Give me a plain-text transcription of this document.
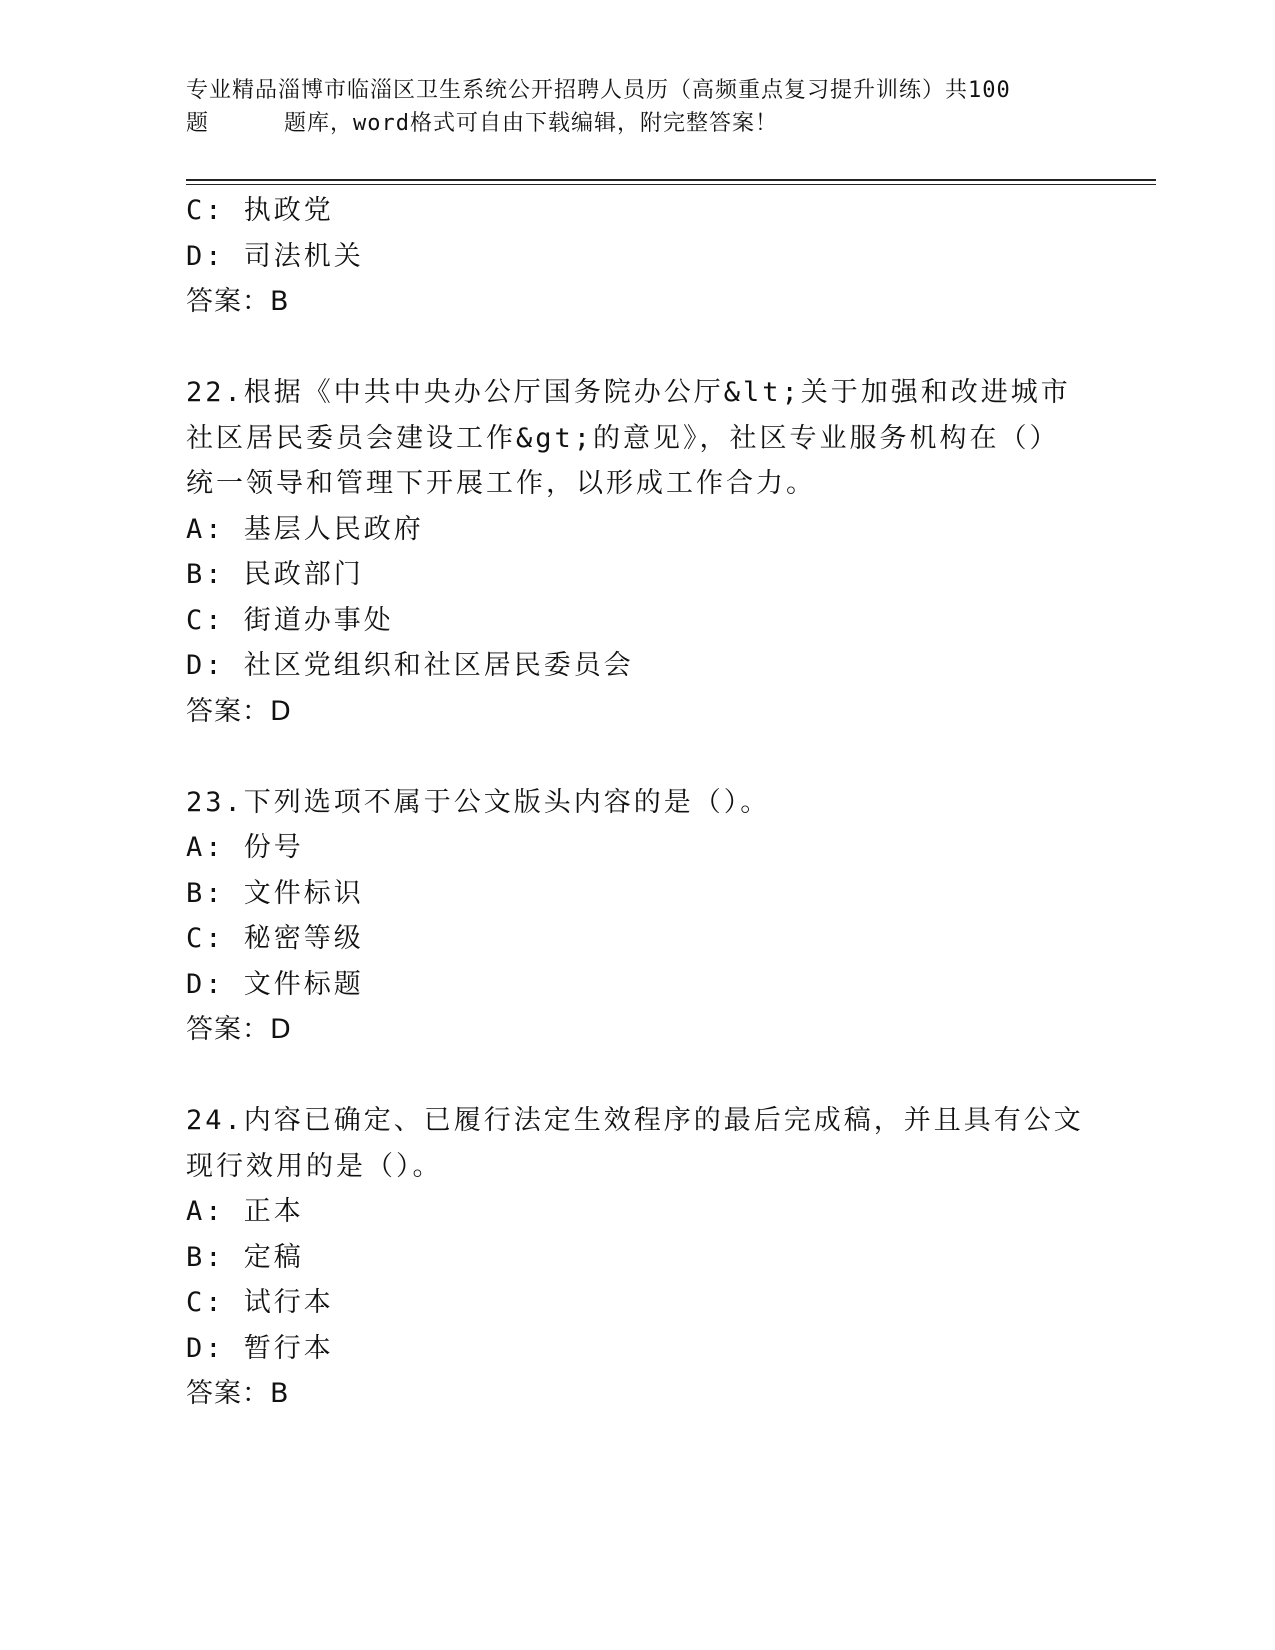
专业精品淄博市临淄区卫生系统公开招聘人员历（高频重点复习提升训练）共100
题	题库，word格式可自由下载编辑，附完整答案！
C: 执政党
D: 司法机关
答案：B
22.根据《中共中央办公厅国务院办公厅&lt;关于加强和改进城市社区居民委员会建设工作&gt;的意见》，社区专业服务机构在（）统一领导和管理下开展工作，以形成工作合力。
A: 基层人民政府
B: 民政部门
C: 街道办事处
D: 社区党组织和社区居民委员会
答案：D
23.下列选项不属于公文版头内容的是（）。
A: 份号
B: 文件标识
C: 秘密等级
D: 文件标题
答案：D
24.内容已确定、已履行法定生效程序的最后完成稿，并且具有公文现行效用的是（）。
A: 正本
B: 定稿
C: 试行本
D: 暂行本
答案：B
